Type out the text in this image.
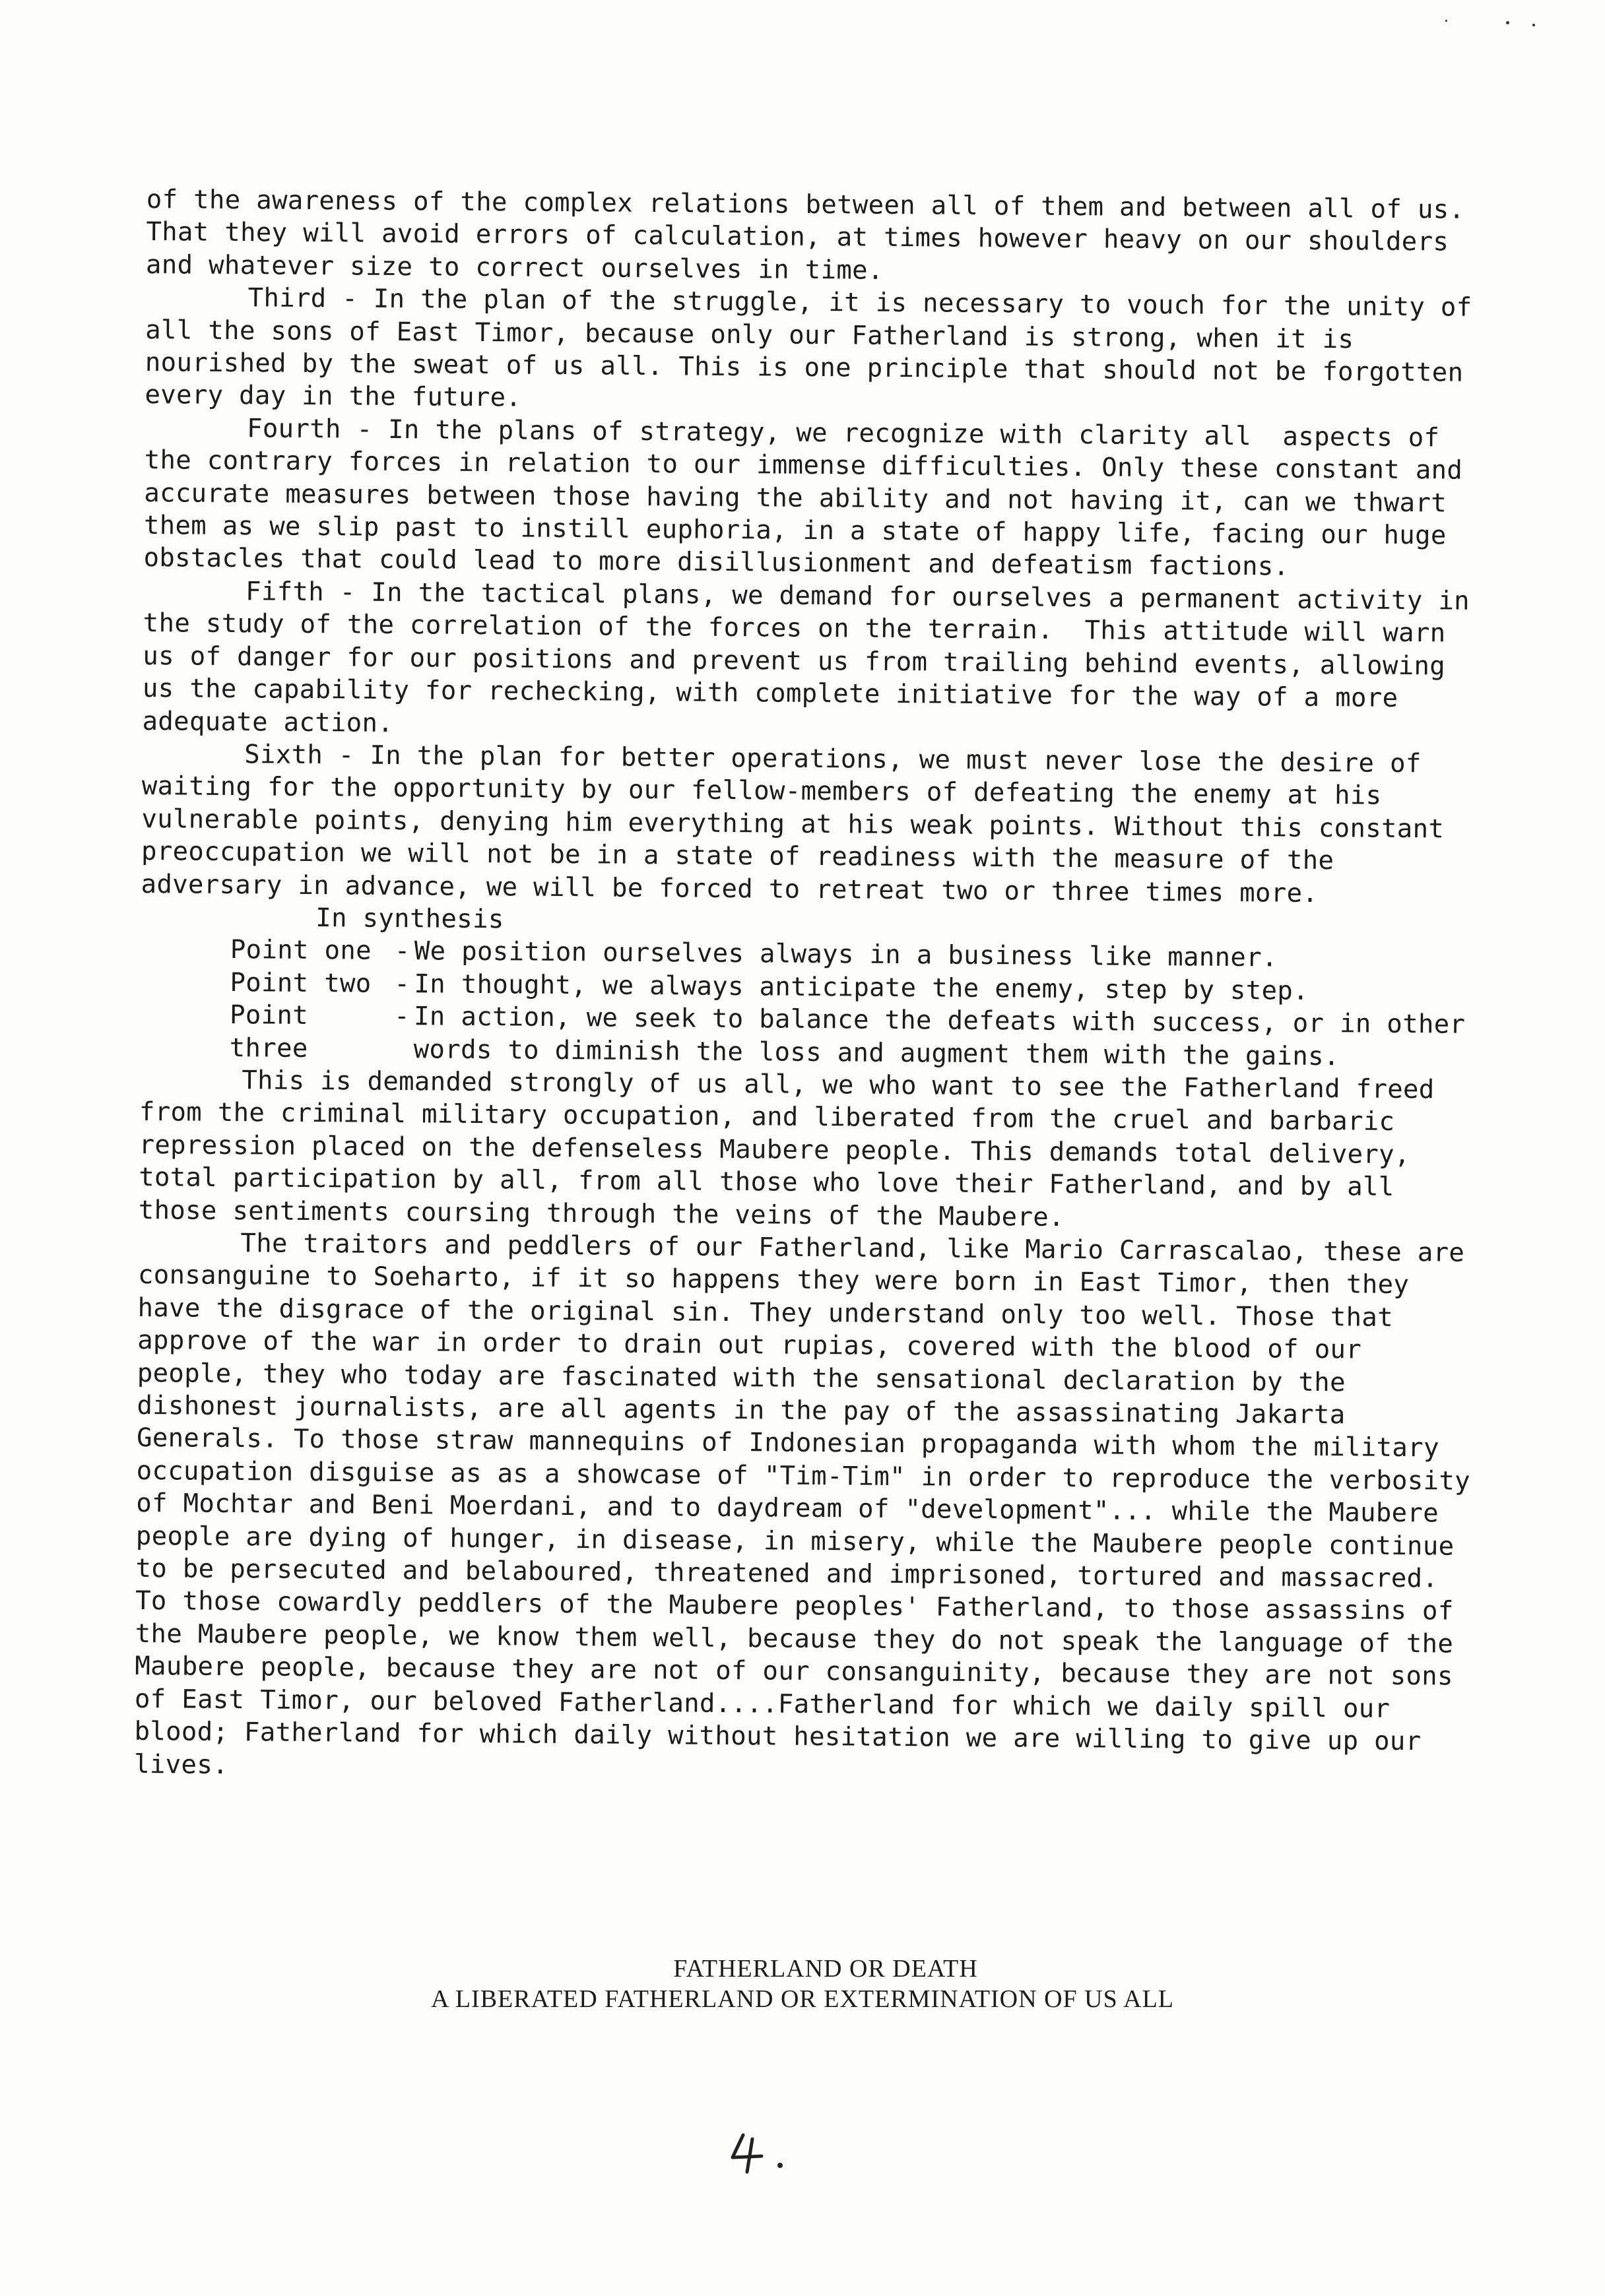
of the awareness of the complex relations between all of them and between all of us. That they will avoid errors of calculation, at times however heavy on our shoulders and whatever size to correct ourselves in time.

Third - In the plan of the struggle, it is necessary to vouch for the unity of all the sons of East Timor, because only our Fatherland is strong, when it is nourished by the sweat of us all. This is one principle that should not be forgotten every day in the future.

Fourth - In the plans of strategy, we recognize with clarity all  aspects of the contrary forces in relation to our immense difficulties. Only these constant and accurate measures between those having the ability and not having it, can we thwart them as we slip past to instill euphoria, in a state of happy life, facing our huge obstacles that could lead to more disillusionment and defeatism factions.

Fifth - In the tactical plans, we demand for ourselves a permanent activity in the study of the correlation of the forces on the terrain.  This attitude will warn us of danger for our positions and prevent us from trailing behind events, allowing us the capability for rechecking, with complete initiative for the way of a more adequate action.

Sixth - In the plan for better operations, we must never lose the desire of waiting for the opportunity by our fellow-members of defeating the enemy at his vulnerable points, denying him everything at his weak points. Without this constant preoccupation we will not be in a state of readiness with the measure of the adversary in advance, we will be forced to retreat two or three times more.

In synthesis

Point one - We position ourselves always in a business like manner.
Point two - In thought, we always anticipate the enemy, step by step.
Point three
- In action, we seek to balance the defeats with success, or in other words to diminish the loss and augment them with the gains.

This is demanded strongly of us all, we who want to see the Fatherland freed from the criminal military occupation, and liberated from the cruel and barbaric repression placed on the defenseless Maubere people. This demands total delivery, total participation by all, from all those who love their Fatherland, and by all those sentiments coursing through the veins of the Maubere.

The traitors and peddlers of our Fatherland, like Mario Carrascalao, these are consanguine to Soeharto, if it so happens they were born in East Timor, then they have the disgrace of the original sin. They understand only too well. Those that approve of the war in order to drain out rupias, covered with the blood of our people, they who today are fascinated with the sensational declaration by the dishonest journalists, are all agents in the pay of the assassinating Jakarta Generals. To those straw mannequins of Indonesian propaganda with whom the military occupation disguise as as a showcase of "Tim-Tim" in order to reproduce the verbosity of Mochtar and Beni Moerdani, and to daydream of "development"... while the Maubere people are dying of hunger, in disease, in misery, while the Maubere people continue to be persecuted and belaboured, threatened and imprisoned, tortured and massacred. To those cowardly peddlers of the Maubere peoples' Fatherland, to those assassins of the Maubere people, we know them well, because they do not speak the language of the Maubere people, because they are not of our consanguinity, because they are not sons of East Timor, our beloved Fatherland....Fatherland for which we daily spill our blood; Fatherland for which daily without hesitation we are willing to give up our lives.

FATHERLAND OR DEATH
A LIBERATED FATHERLAND OR EXTERMINATION OF US ALL
